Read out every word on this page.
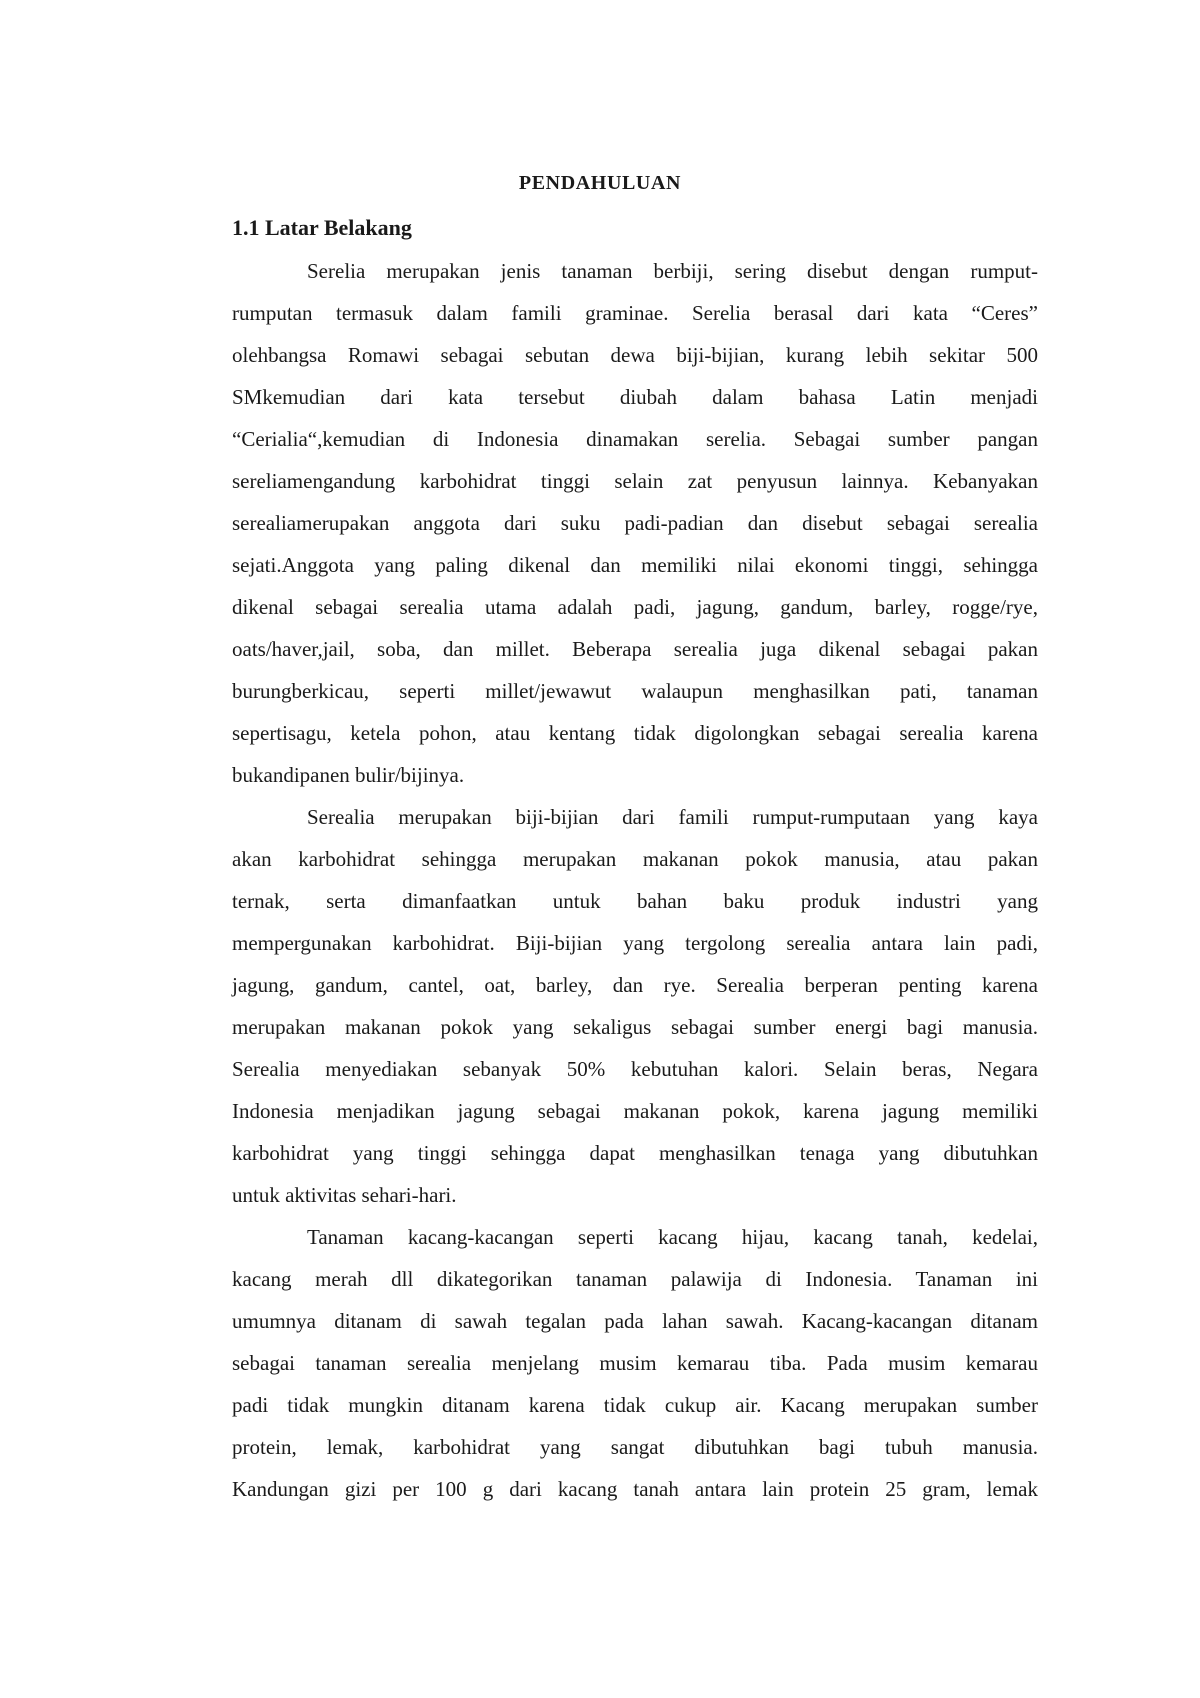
PENDAHULUAN
1.1 Latar Belakang
Serelia merupakan jenis tanaman berbiji, sering disebut dengan rumput-
rumputan termasuk dalam famili graminae. Serelia berasal dari kata “Ceres”
olehbangsa Romawi sebagai sebutan dewa biji-bijian, kurang lebih sekitar 500
SMkemudian dari kata tersebut diubah dalam bahasa Latin menjadi
“Cerialia“,kemudian di Indonesia dinamakan serelia. Sebagai sumber pangan
sereliamengandung karbohidrat tinggi selain zat penyusun lainnya. Kebanyakan
serealiamerupakan anggota dari suku padi-padian dan disebut sebagai serealia
sejati.Anggota yang paling dikenal dan memiliki nilai ekonomi tinggi, sehingga
dikenal sebagai serealia utama adalah padi, jagung, gandum, barley, rogge/rye,
oats/haver,jail, soba, dan millet. Beberapa serealia juga dikenal sebagai pakan
burungberkicau, seperti millet/jewawut walaupun menghasilkan pati, tanaman
sepertisagu, ketela pohon, atau kentang tidak digolongkan sebagai serealia karena
bukandipanen bulir/bijinya.
Serealia merupakan biji-bijian dari famili rumput-rumputaan yang kaya
akan karbohidrat sehingga merupakan makanan pokok manusia, atau pakan
ternak, serta dimanfaatkan untuk bahan baku produk industri yang
mempergunakan karbohidrat. Biji-bijian yang tergolong serealia antara lain padi,
jagung, gandum, cantel, oat, barley, dan rye. Serealia berperan penting karena
merupakan makanan pokok yang sekaligus sebagai sumber energi bagi manusia.
Serealia menyediakan sebanyak 50% kebutuhan kalori. Selain beras, Negara
Indonesia menjadikan jagung sebagai makanan pokok, karena jagung memiliki
karbohidrat yang tinggi sehingga dapat menghasilkan tenaga yang dibutuhkan
untuk aktivitas sehari-hari.
Tanaman kacang-kacangan seperti kacang hijau, kacang tanah, kedelai,
kacang merah dll dikategorikan tanaman palawija di Indonesia. Tanaman ini
umumnya ditanam di sawah tegalan pada lahan sawah. Kacang-kacangan ditanam
sebagai tanaman serealia menjelang musim kemarau tiba. Pada musim kemarau
padi tidak mungkin ditanam karena tidak cukup air. Kacang merupakan sumber
protein, lemak, karbohidrat yang sangat dibutuhkan bagi tubuh manusia.
Kandungan gizi per 100 g dari kacang tanah antara lain protein 25 gram, lemak
